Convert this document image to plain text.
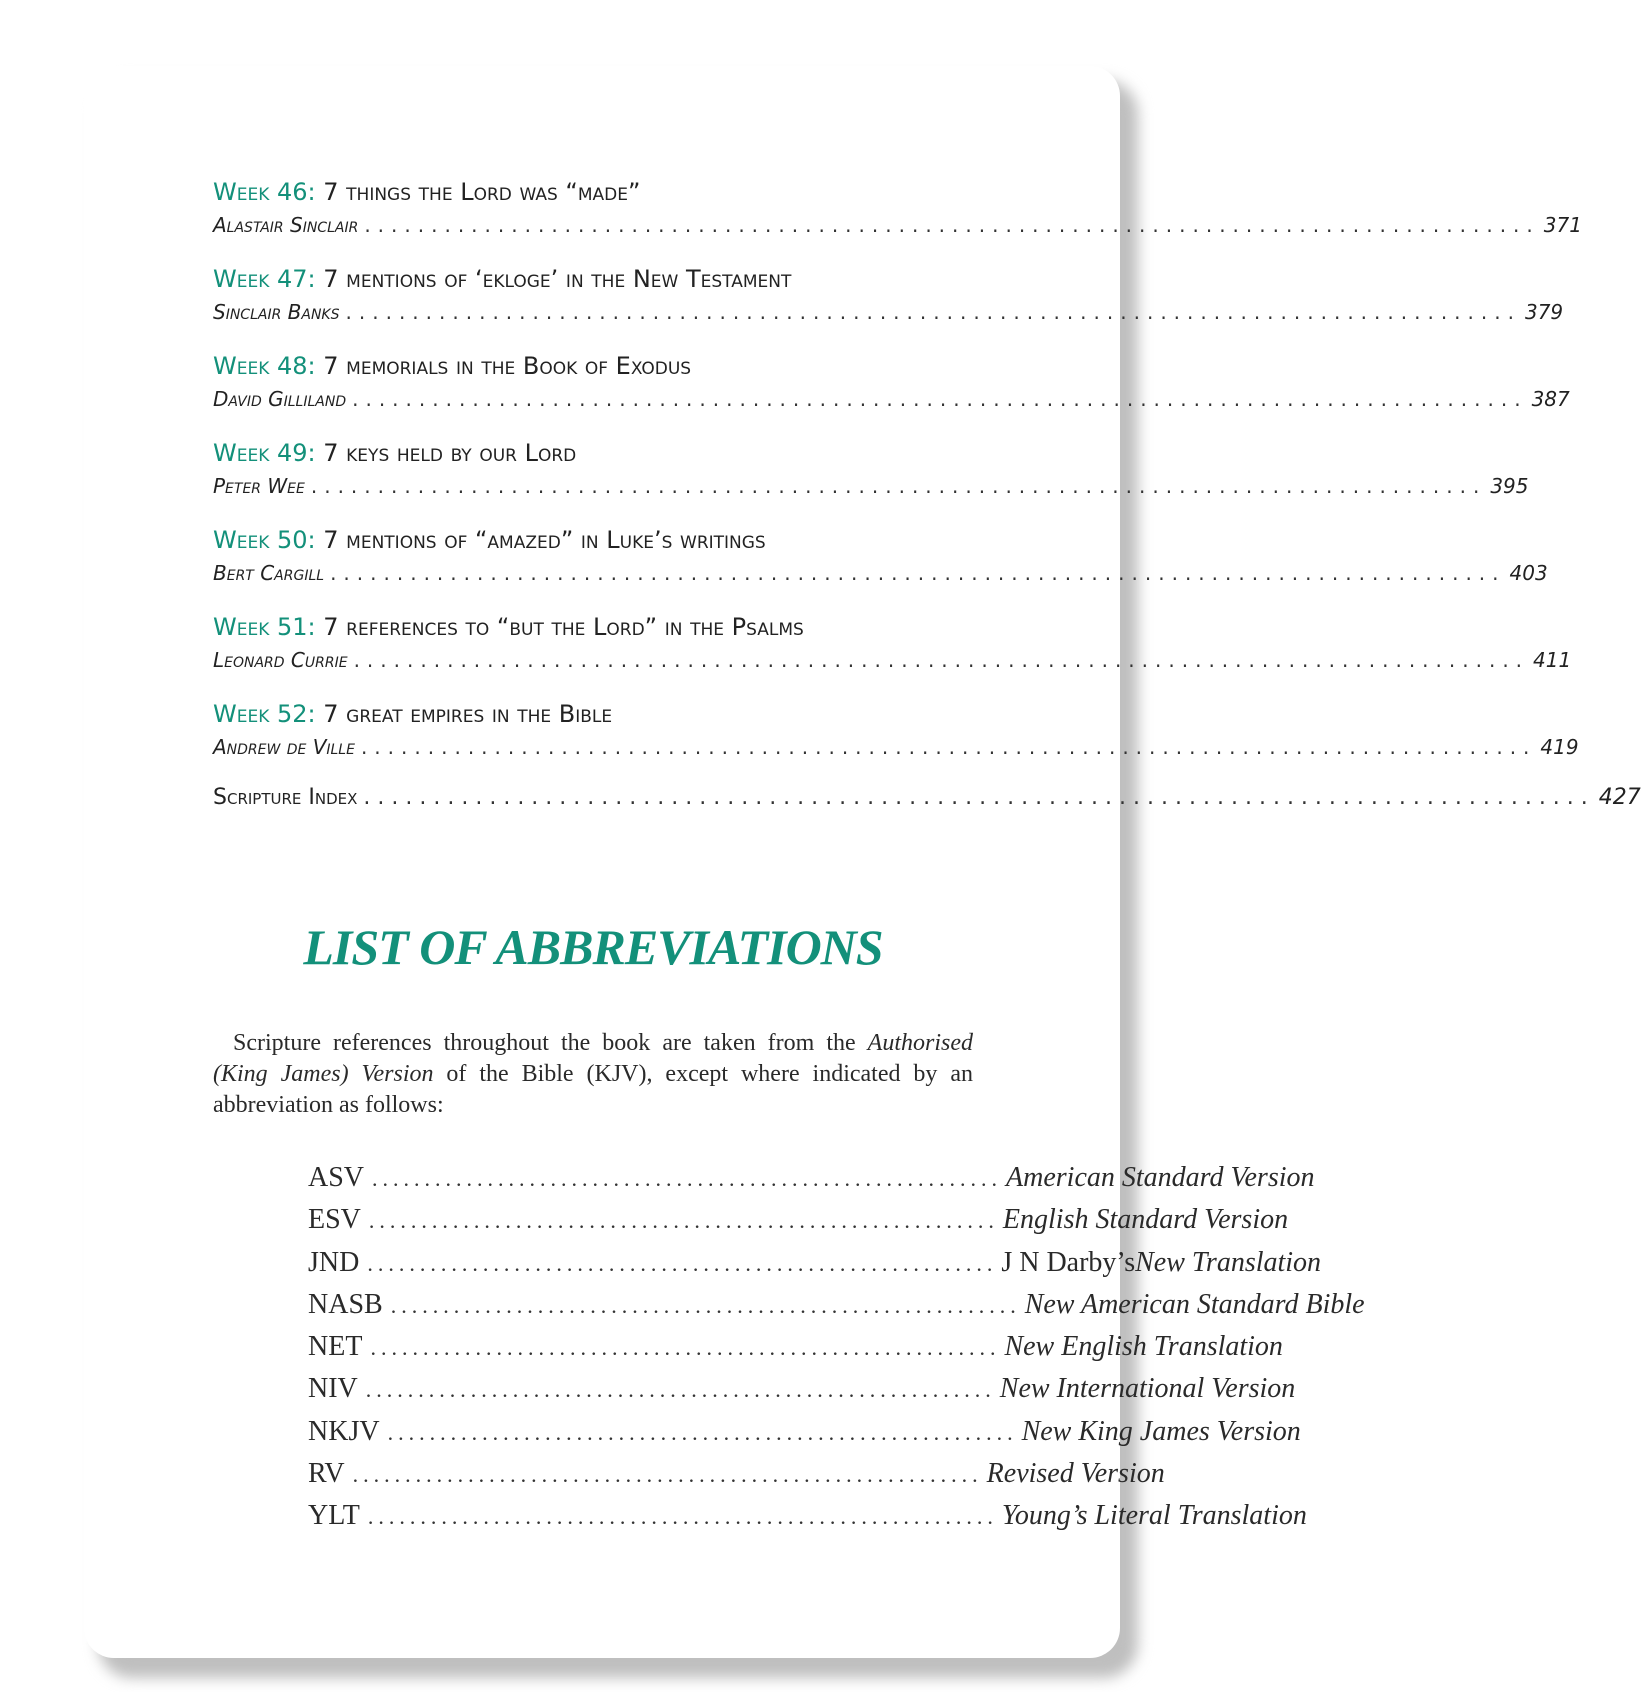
Week 46: 7 things the Lord was “made”
Alastair Sinclair ........................................................................................ 371
Week 47: 7 mentions of ‘ekloge’ in the New Testament
Sinclair Banks ........................................................................................ 379
Week 48: 7 memorials in the Book of Exodus
David Gilliland ........................................................................................ 387
Week 49: 7 keys held by our Lord
Peter Wee ........................................................................................ 395
Week 50: 7 mentions of “amazed” in Luke’s writings
Bert Cargill ........................................................................................ 403
Week 51: 7 references to “but the Lord” in the Psalms
Leonard Currie ........................................................................................ 411
Week 52: 7 great empires in the Bible
Andrew de Ville ........................................................................................ 419
Scripture Index ........................................................................................ 427
LIST OF ABBREVIATIONS

Scripture references throughout the book are taken from the Authorised (King James) Version of the Bible (KJV), except where indicated by an abbreviation as follows:

ASV ............................................................ American Standard Version
ESV ............................................................ English Standard Version
JND ............................................................ J N Darby’s New Translation
NASB ............................................................ New American Standard Bible
NET ............................................................ New English Translation
NIV ............................................................ New International Version
NKJV ............................................................ New King James Version
RV ............................................................ Revised Version
YLT ............................................................ Young’s Literal Translation
